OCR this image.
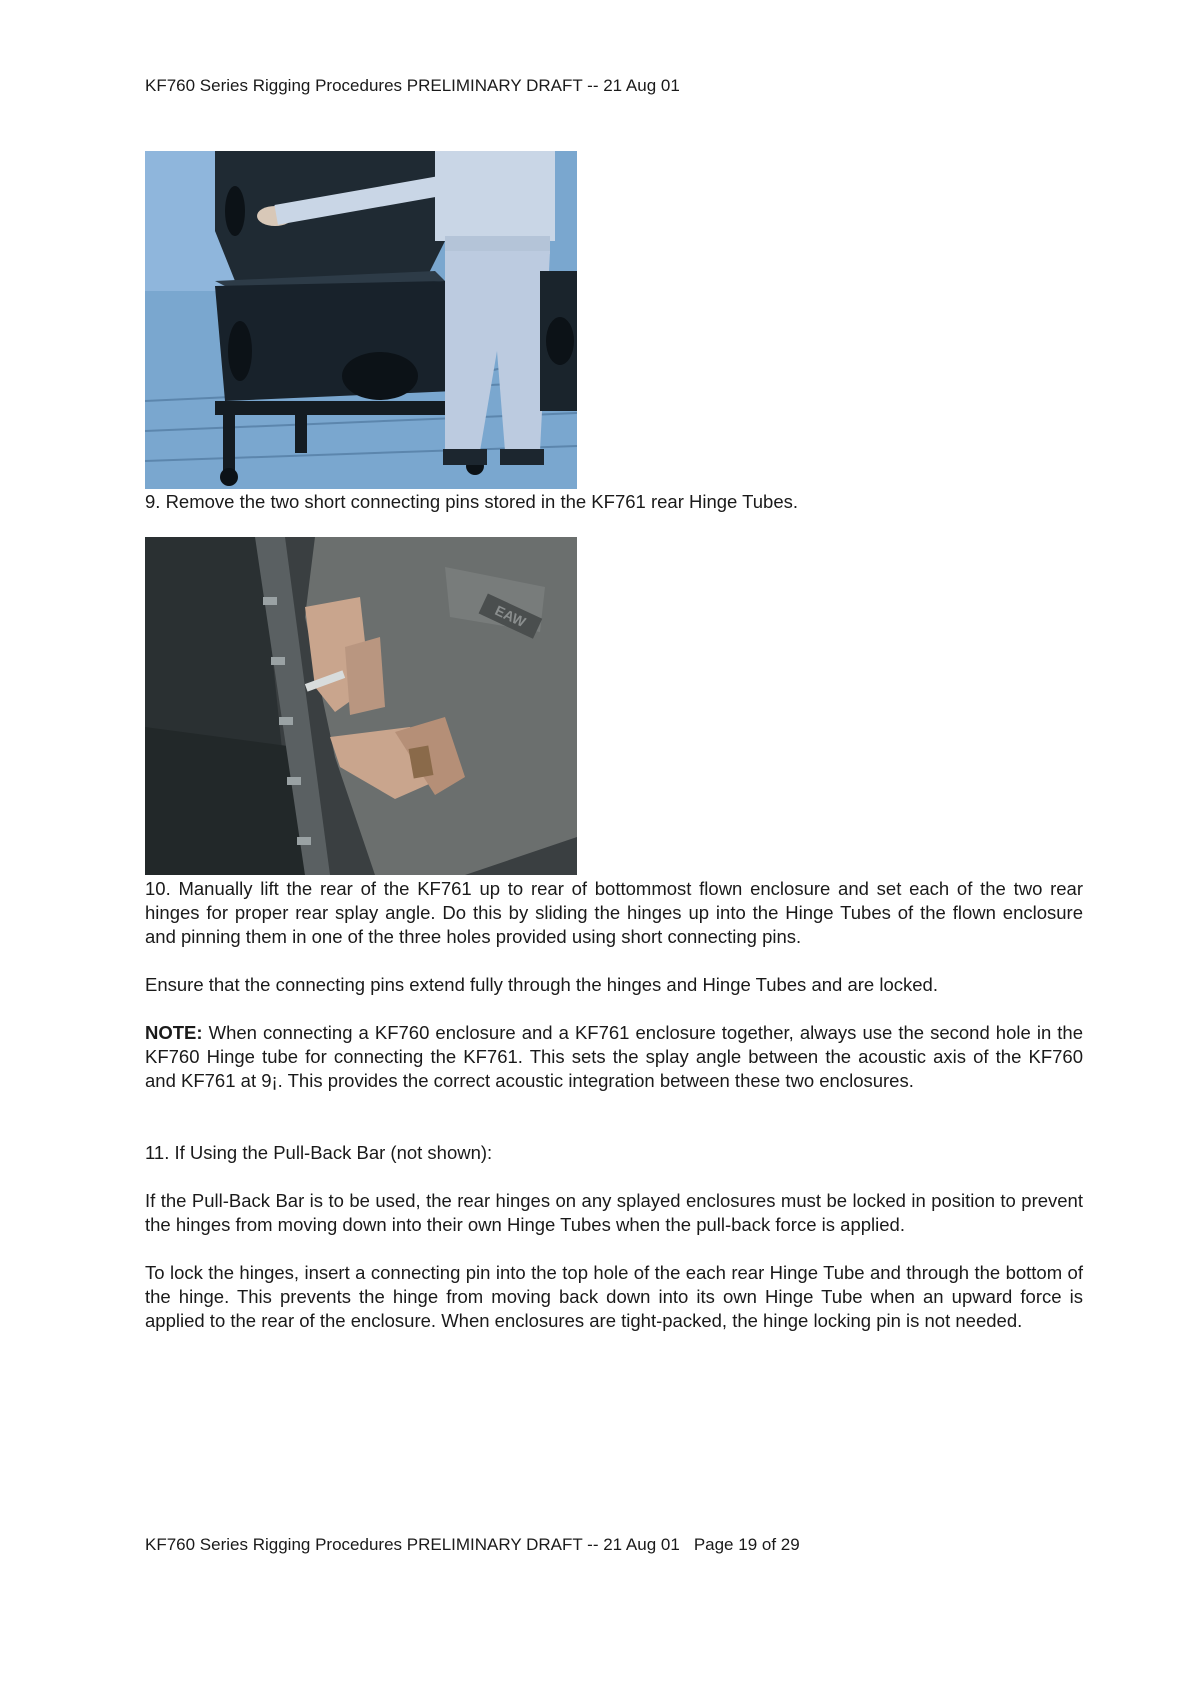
KF760 Series Rigging Procedures PRELIMINARY DRAFT -- 21 Aug 01
9. Remove the two short connecting pins stored in the KF761 rear Hinge Tubes.
EAW
10. Manually lift the rear of the KF761 up to rear of bottommost flown enclosure and set each of the two rear hinges for proper rear splay angle. Do this by sliding the hinges up into the Hinge Tubes of the flown enclosure and pinning them in one of the three holes provided using short connecting pins.
Ensure that the connecting pins extend fully through the hinges and Hinge Tubes and are locked.
NOTE: When connecting a KF760 enclosure and a KF761 enclosure together, always use the second hole in the KF760 Hinge tube for connecting the KF761. This sets the splay angle between the acoustic axis of the KF760 and KF761 at 9¡. This provides the correct acoustic integration between these two enclosures.
11. If Using the Pull-Back Bar (not shown):
If the Pull-Back Bar is to be used, the rear hinges on any splayed enclosures must be locked in position to prevent the hinges from moving down into their own Hinge Tubes when the pull-back force is applied.
To lock the hinges, insert a connecting pin into the top hole of the each rear Hinge Tube and through the bottom of the hinge. This prevents the hinge from moving back down into its own Hinge Tube when an upward force is applied to the rear of the enclosure. When enclosures are tight-packed, the hinge locking pin is not needed.
KF760 Series Rigging Procedures PRELIMINARY DRAFT -- 21 Aug 01 Page 19 of 29
